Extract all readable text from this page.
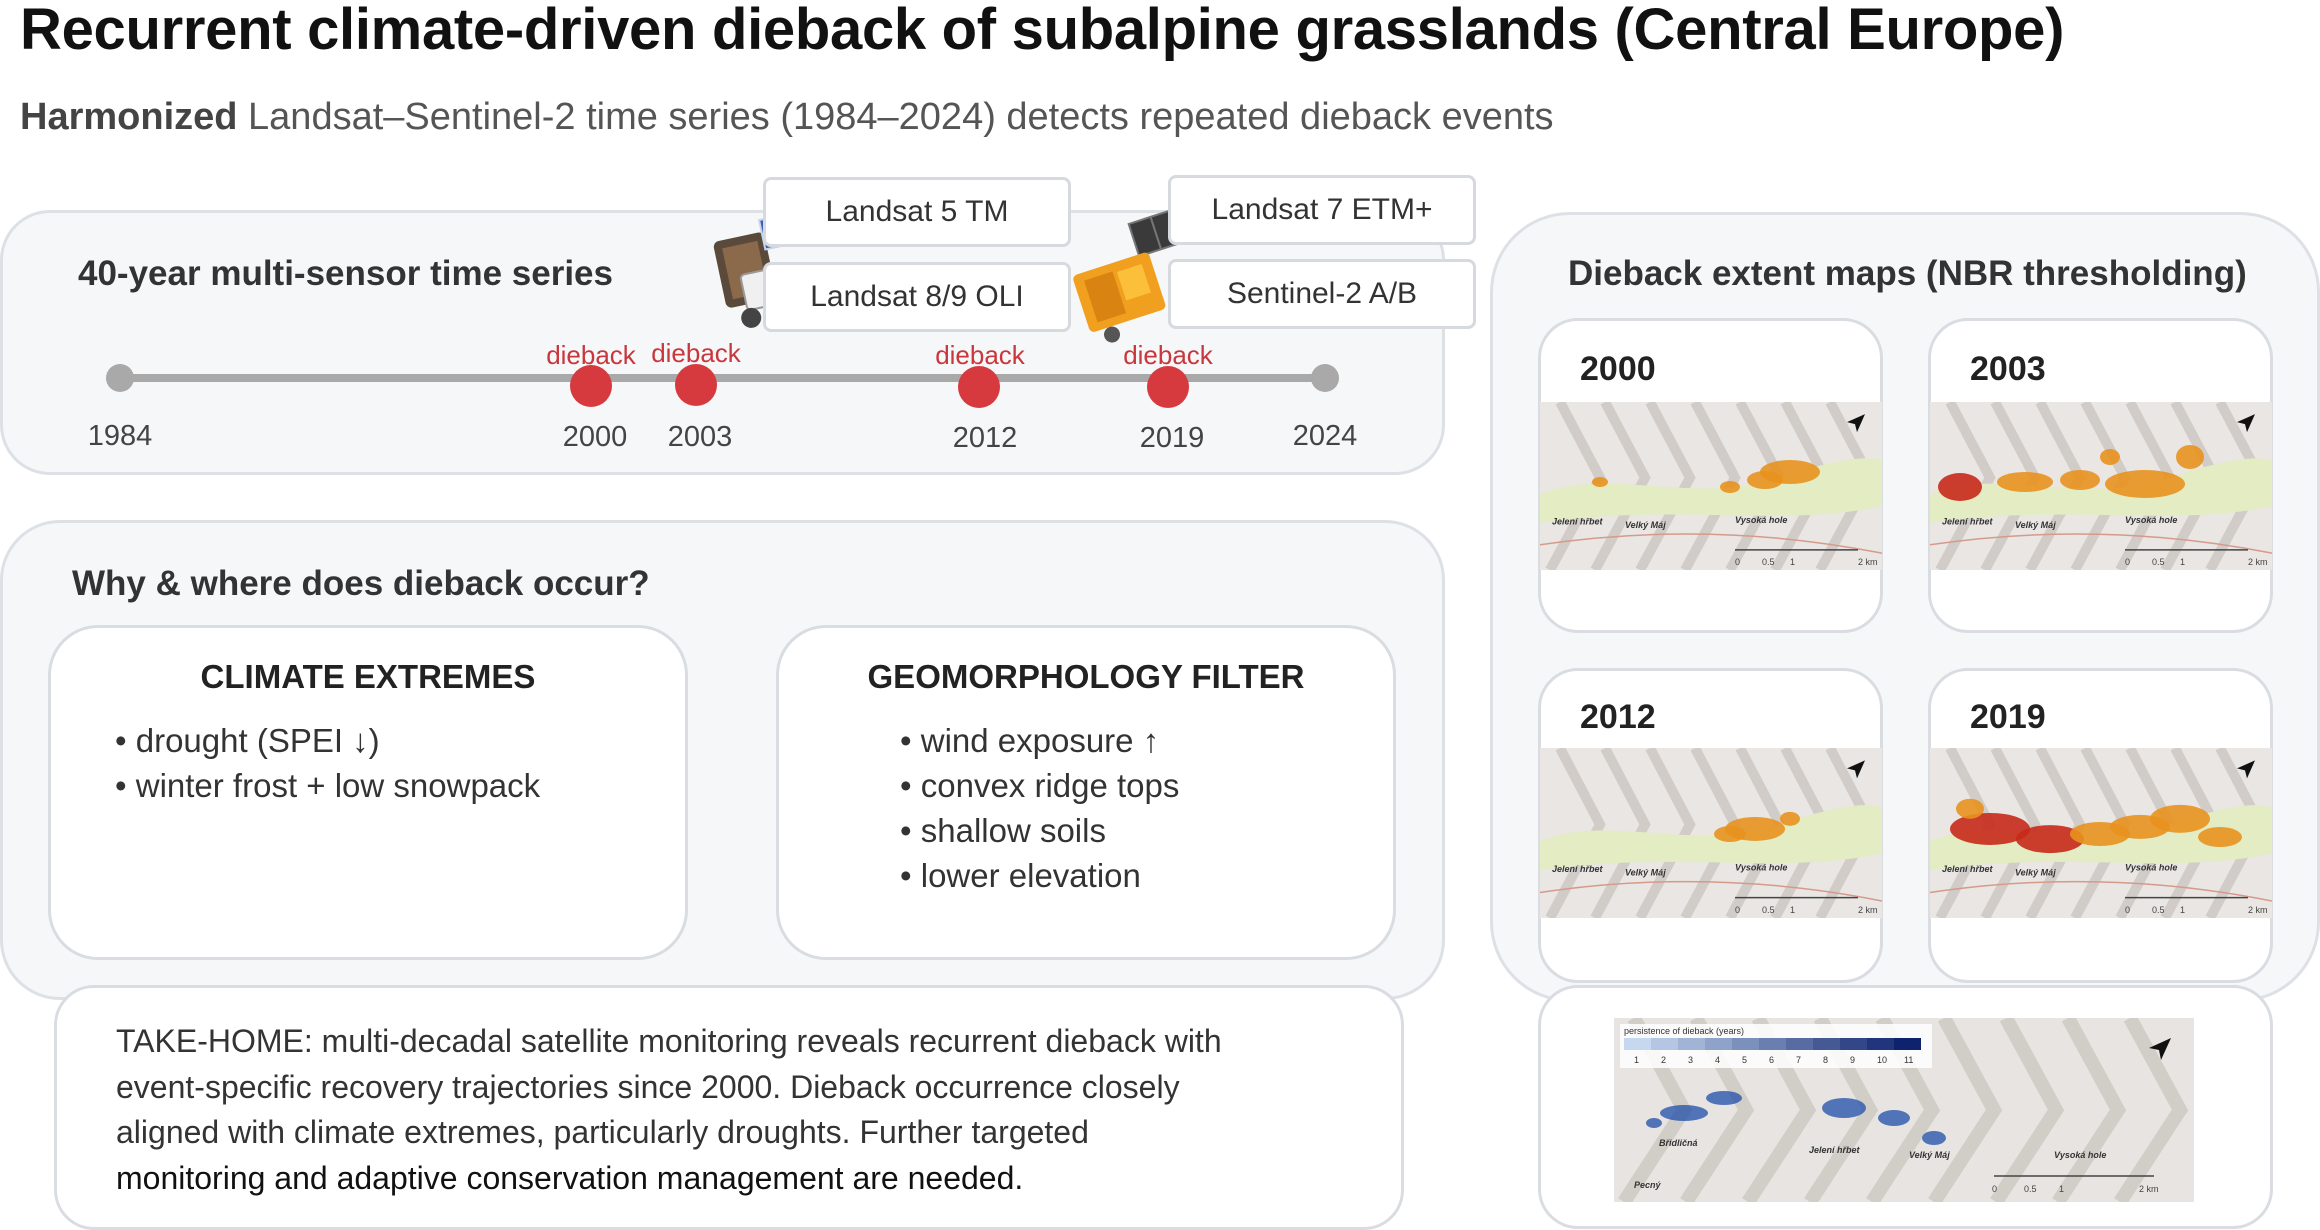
Recurrent climate-driven dieback of subalpine grasslands (Central Europe)
Harmonized Landsat–Sentinel-2 time series (1984–2024) detects repeated dieback events
40-year multi-sensor time series
Landsat 5 TM
Landsat 8/9 OLI
Landsat 7 ETM+
Sentinel-2 A/B
1984	2024
dieback
2000
dieback
2003
dieback
2012
dieback
2019
Why & where does dieback occur?
CLIMATE EXTREMES
• drought (SPEI ↓)
• winter frost + low snowpack
GEOMORPHOLOGY FILTER
• wind exposure ↑
• convex ridge tops
• shallow soils
• lower elevation
TAKE-HOME: multi-decadal satellite monitoring reveals recurrent dieback with
event-specific recovery trajectories since 2000. Dieback occurrence closely
aligned with climate extremes, particularly droughts. Further targeted
monitoring and adaptive conservation management are needed.
Dieback extent maps (NBR thresholding)
2000
Jelení hřbet Velký Máj
Vysoká hole
0 0.5 1	2 km
2003
Jelení hřbet Velký Máj
Vysoká hole
0 0.5 1	2 km
2012
Jelení hřbet Velký Máj
Vysoká hole
0 0.5 1	2 km
2019
Jelení hřbet Velký Máj
Vysoká hole
0 0.5 1	2 km
persistence of dieback (years)
1 2 3 4 5 6 7 8 9 10 11
Břidličná
Jelení hřbet	Velký Máj	Vysoká hole
Pecný	0	0.5 1	2 km
